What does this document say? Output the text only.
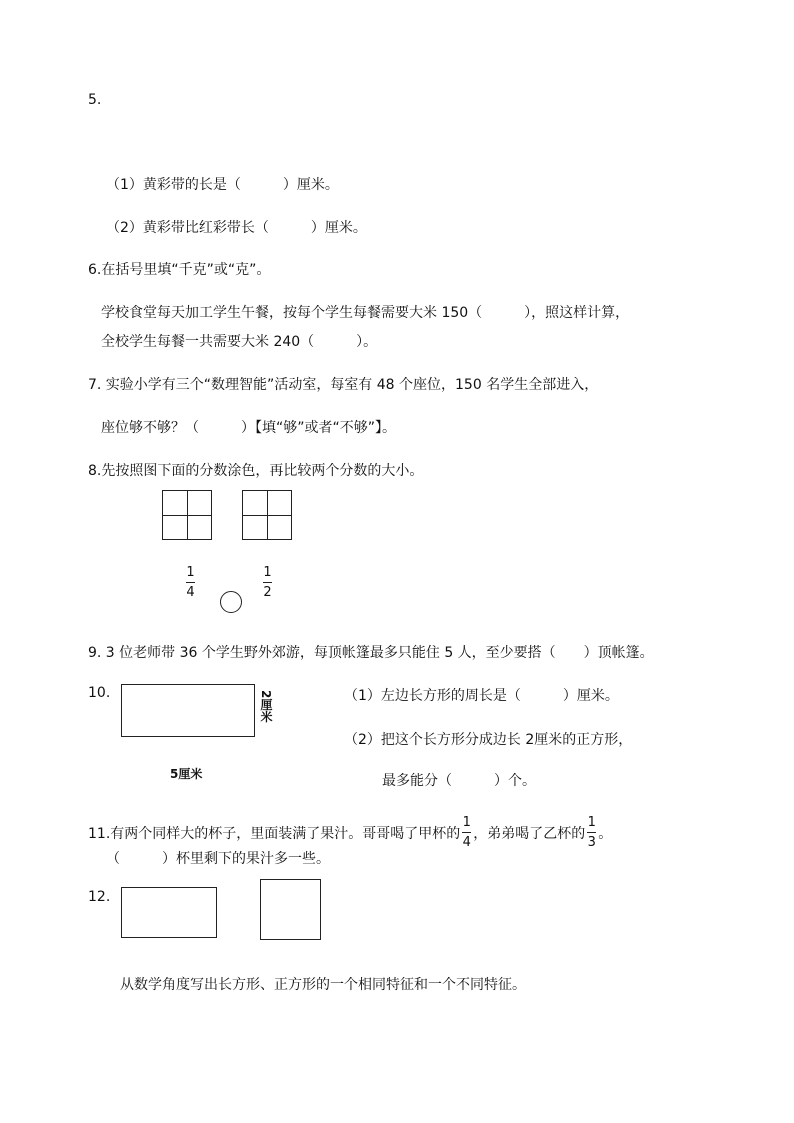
5.
（1）黄彩带的长是（　　　）厘米。
（2）黄彩带比红彩带长（　　　）厘米。
6.在括号里填“千克”或“克”。
学校食堂每天加工学生午餐，按每个学生每餐需要大米 150（　　　），照这样计算，
全校学生每餐一共需要大米 240（　　　）。
7. 实验小学有三个“数理智能”活动室，每室有 48 个座位，150 名学生全部进入，
座位够不够？（　　　）【填“够”或者“不够”】。
8.先按照图下面的分数涂色，再比较两个分数的大小。
1
4
1
2
9. 3 位老师带 36 个学生野外郊游，每顶帐篷最多只能住 5 人，至少要搭（　　）顶帐篷。
10.	2厘米
5厘米
（1）左边长方形的周长是（　　　）厘米。
（2）把这个长方形分成边长 2厘米的正方形，
最多能分（　　　）个。
11.有两个同样大的杯子，里面装满了果汁。哥哥喝了甲杯的 $\frac{1}{4}$ ，弟弟喝了乙杯的 $\frac{1}{3}$ 。
（　　　）杯里剩下的果汁多一些。
12.
从数学角度写出长方形、正方形的一个相同特征和一个不同特征。
